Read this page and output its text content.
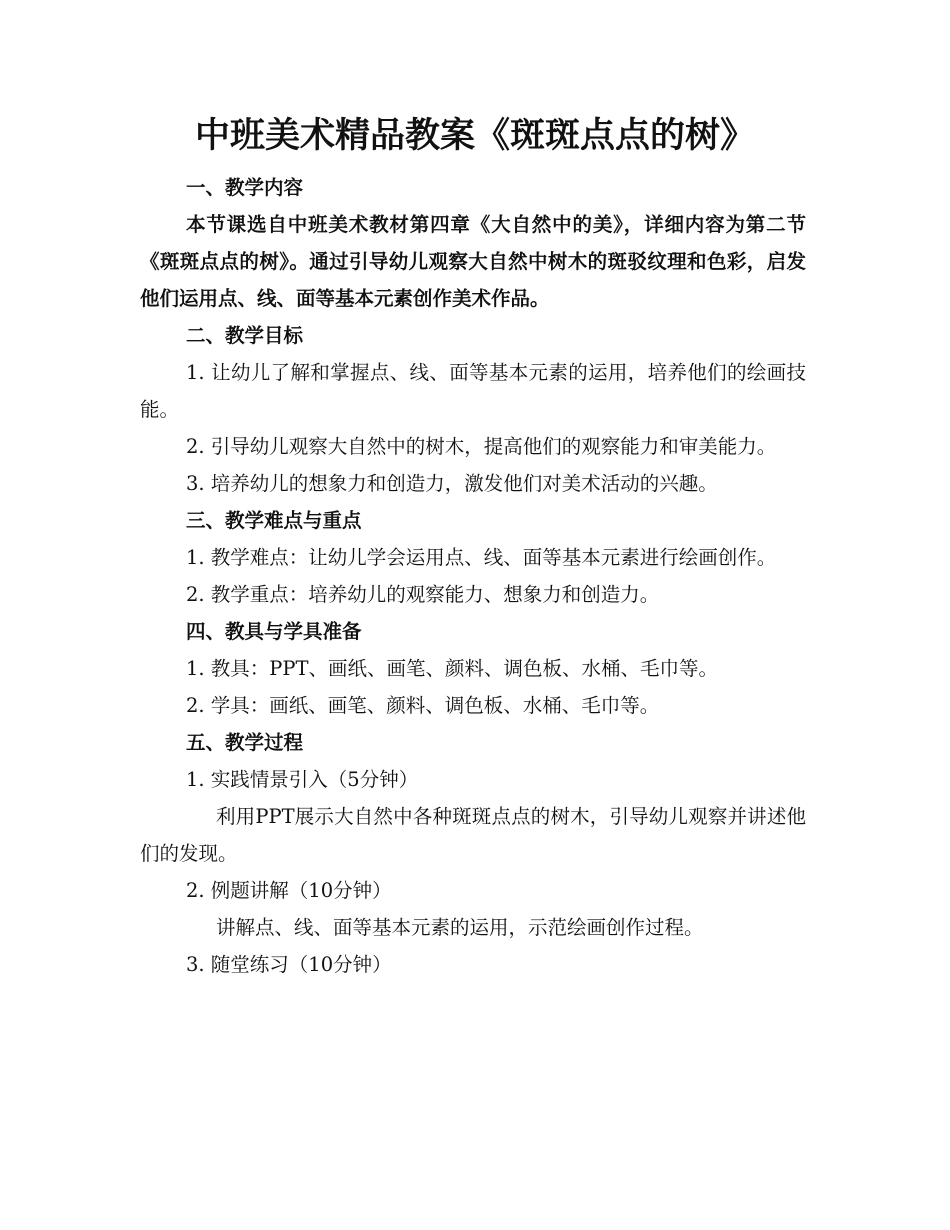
中班美术精品教案《斑斑点点的树》

一、教学内容

本节课选自中班美术教材第四章《大自然中的美》，详细内容为第二节《斑斑点点的树》。通过引导幼儿观察大自然中树木的斑驳纹理和色彩，启发他们运用点、线、面等基本元素创作美术作品。

二、教学目标

1. 让幼儿了解和掌握点、线、面等基本元素的运用，培养他们的绘画技能。

2. 引导幼儿观察大自然中的树木，提高他们的观察能力和审美能力。

3. 培养幼儿的想象力和创造力，激发他们对美术活动的兴趣。

三、教学难点与重点

1. 教学难点：让幼儿学会运用点、线、面等基本元素进行绘画创作。

2. 教学重点：培养幼儿的观察能力、想象力和创造力。

四、教具与学具准备

1. 教具：PPT、画纸、画笔、颜料、调色板、水桶、毛巾等。

2. 学具：画纸、画笔、颜料、调色板、水桶、毛巾等。

五、教学过程

1. 实践情景引入（5分钟）

利用PPT展示大自然中各种斑斑点点的树木，引导幼儿观察并讲述他们的发现。

2. 例题讲解（10分钟）

讲解点、线、面等基本元素的运用，示范绘画创作过程。

3. 随堂练习（10分钟）
